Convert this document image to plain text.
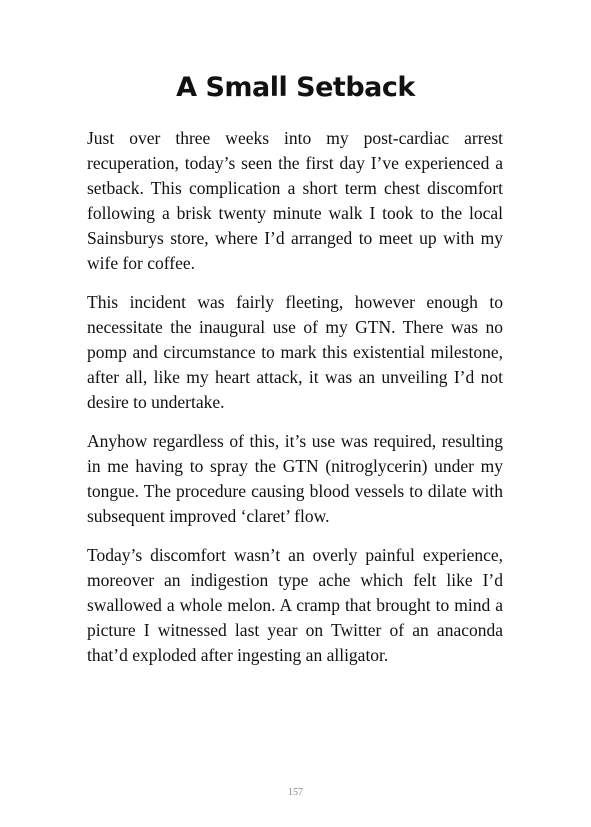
A Small Setback

Just over three weeks into my post-cardiac arrest recuperation, today’s seen the first day I’ve experienced a setback. This complication a short term chest discomfort following a brisk twenty minute walk I took to the local Sainsburys store, where I’d arranged to meet up with my wife for coffee.

This incident was fairly fleeting, however enough to necessitate the inaugural use of my GTN. There was no pomp and circumstance to mark this existential milestone, after all, like my heart attack, it was an unveiling I’d not desire to undertake.

Anyhow regardless of this, it’s use was required, resulting in me having to spray the GTN (nitroglycerin) under my tongue. The procedure causing blood vessels to dilate with subsequent improved ‘claret’ flow.

Today’s discomfort wasn’t an overly painful experience, moreover an indigestion type ache which felt like I’d swallowed a whole melon. A cramp that brought to mind a picture I witnessed last year on Twitter of an anaconda that’d exploded after ingesting an alligator.

157
